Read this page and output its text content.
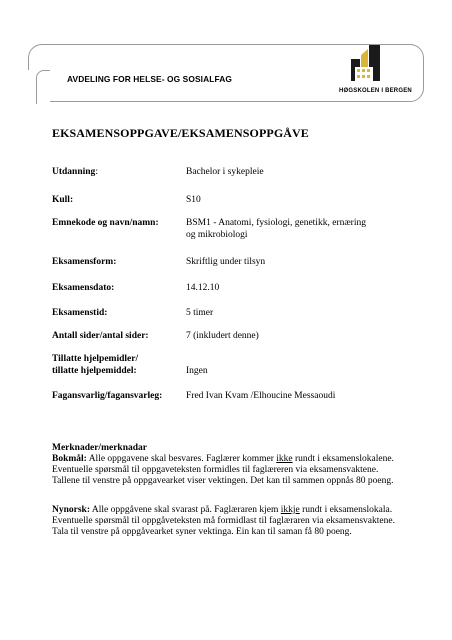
AVDELING FOR HELSE- OG SOSIALFAG
HØGSKOLEN I BERGEN
EKSAMENSOPPGAVE/EKSAMENSOPPGÅVE
Utdanning:	Bachelor i sykepleie
Kull:	S10
Emnekode og navn/namn:	BSM1 - Anatomi, fysiologi, genetikk, ernæring
og mikrobiologi
Eksamensform:	Skriftlig under tilsyn
Eksamensdato:	14.12.10
Eksamenstid:	5 timer
Antall sider/antal sider:	7 (inkludert denne)
Tillatte hjelpemidler/
tillatte hjelpemiddel:	Ingen
Fagansvarlig/fagansvarleg: Fred Ivan Kvam /Elhoucine Messaoudi

Merknader/merknadar

Bokmål: Alle oppgavene skal besvares. Faglærer kommer ikke rundt i eksamenslokalene. Eventuelle spørsmål til oppgaveteksten formidles til faglæreren via eksamensvaktene.

Tallene til venstre på oppgavearket viser vektingen. Det kan til sammen oppnås 80 poeng.

Nynorsk: Alle oppgåvene skal svarast på. Faglæraren kjem ikkje rundt i eksamenslokala. Eventuelle spørsmål til oppgåveteksten må formidlast til faglæraren via eksamensvaktene.

Tala til venstre på oppgåvearket syner vektinga. Ein kan til saman få 80 poeng.
